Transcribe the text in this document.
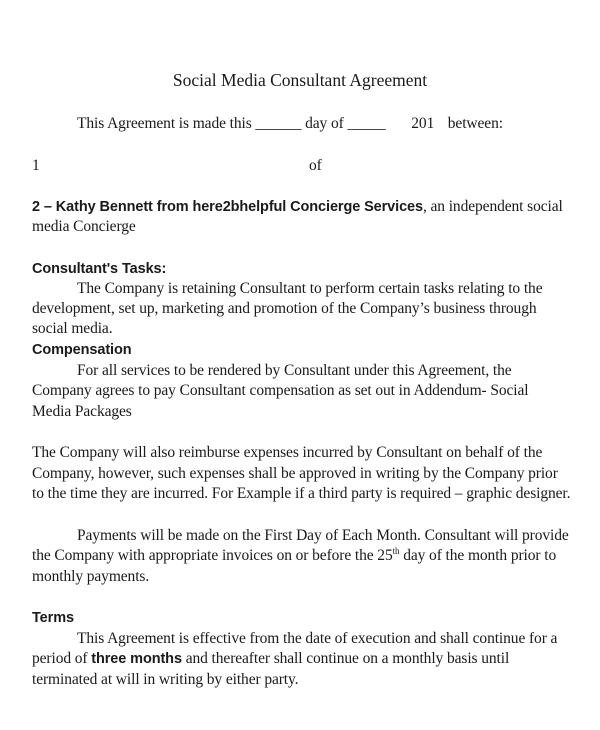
Social Media Consultant Agreement
This Agreement is made this ______ day of _____ 201 between:
1	of
2 – Kathy Bennett from here2bhelpful Concierge Services, an independent social
media Concierge
Consultant's Tasks:
The Company is retaining Consultant to perform certain tasks relating to the
development, set up, marketing and promotion of the Company’s business through
social media.
Compensation
For all services to be rendered by Consultant under this Agreement, the
Company agrees to pay Consultant compensation as set out in Addendum- Social
Media Packages
The Company will also reimburse expenses incurred by Consultant on behalf of the
Company, however, such expenses shall be approved in writing by the Company prior
to the time they are incurred. For Example if a third party is required – graphic designer.
Payments will be made on the First Day of Each Month. Consultant will provide
the Company with appropriate invoices on or before the 25th day of the month prior to
monthly payments.
Terms
This Agreement is effective from the date of execution and shall continue for a
period of three months and thereafter shall continue on a monthly basis until
terminated at will in writing by either party.
